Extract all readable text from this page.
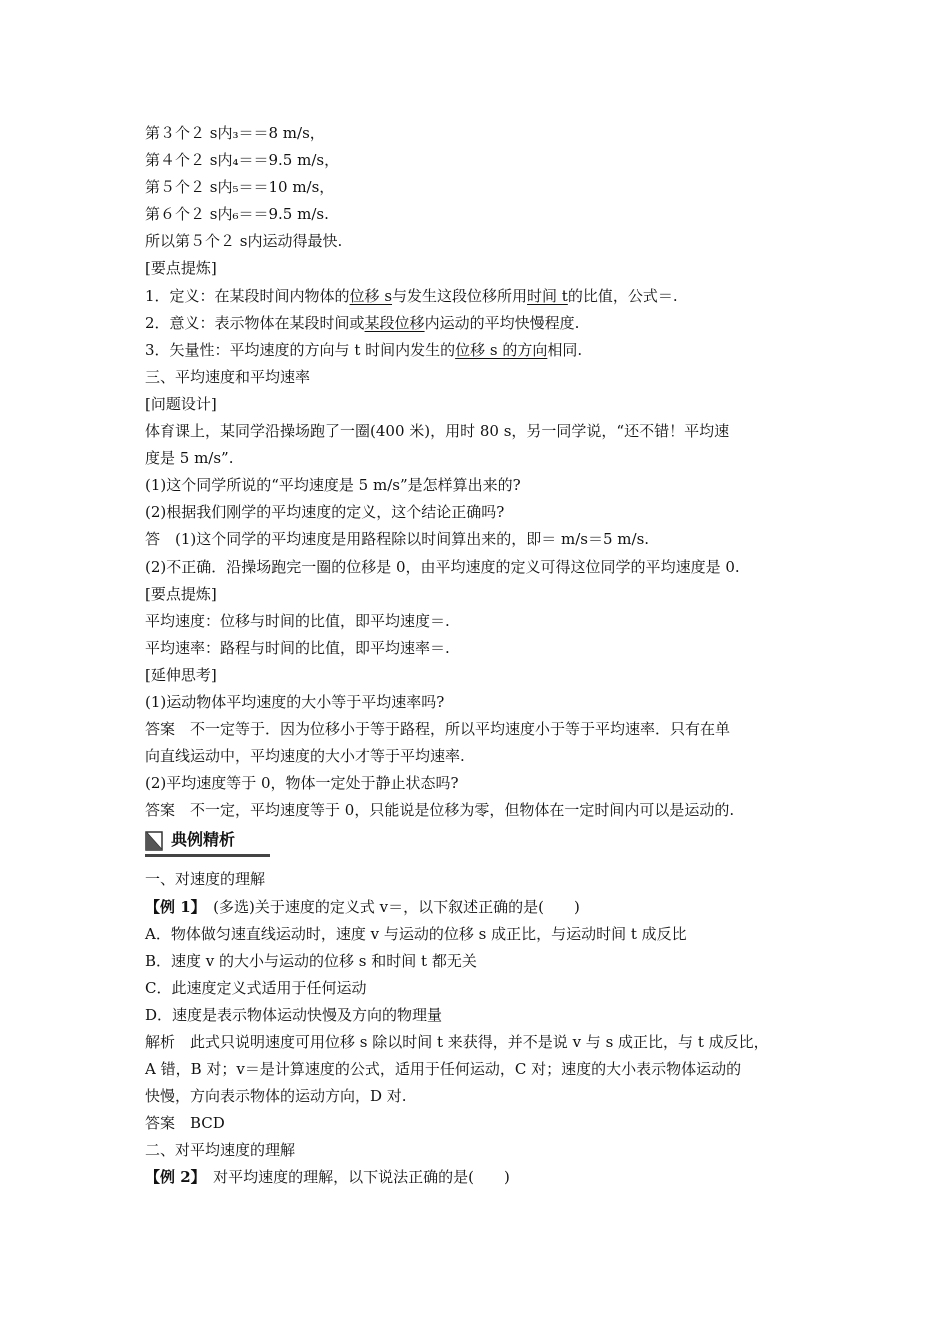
第３个２ s内₃＝＝8 m/s，
第４个２ s内₄＝＝9.5 m/s，
第５个２ s内₅＝＝10 m/s，
第６个２ s内₆＝＝9.5 m/s.
所以第５个２ s内运动得最快.
[要点提炼]
1．定义：在某段时间内物体的位移 s与发生这段位移所用时间 t的比值，公式＝.
2．意义：表示物体在某段时间或某段位移内运动的平均快慢程度.
3．矢量性：平均速度的方向与 t 时间内发生的位移 s 的方向相同.
三、平均速度和平均速率
[问题设计]
体育课上，某同学沿操场跑了一圈(400 米)，用时 80 s，另一同学说，“还不错！平均速
度是 5 m/s”.
(1)这个同学所说的“平均速度是 5 m/s”是怎样算出来的?
(2)根据我们刚学的平均速度的定义，这个结论正确吗?
答　(1)这个同学的平均速度是用路程除以时间算出来的，即＝ m/s＝5 m/s.
(2)不正确．沿操场跑完一圈的位移是 0，由平均速度的定义可得这位同学的平均速度是 0.
[要点提炼]
平均速度：位移与时间的比值，即平均速度＝.
平均速率：路程与时间的比值，即平均速率＝.
[延伸思考]
(1)运动物体平均速度的大小等于平均速率吗?
答案　不一定等于．因为位移小于等于路程，所以平均速度小于等于平均速率．只有在单
向直线运动中，平均速度的大小才等于平均速率.
(2)平均速度等于 0，物体一定处于静止状态吗?
答案　不一定，平均速度等于 0，只能说是位移为零，但物体在一定时间内可以是运动的.
典例精析
一、对速度的理解
【例 1】　(多选)关于速度的定义式 v＝，以下叙述正确的是(　　)
A．物体做匀速直线运动时，速度 v 与运动的位移 s 成正比，与运动时间 t 成反比
B．速度 v 的大小与运动的位移 s 和时间 t 都无关
C．此速度定义式适用于任何运动
D．速度是表示物体运动快慢及方向的物理量
解析　此式只说明速度可用位移 s 除以时间 t 来获得，并不是说 v 与 s 成正比，与 t 成反比，
A 错，B 对；v＝是计算速度的公式，适用于任何运动，C 对；速度的大小表示物体运动的
快慢，方向表示物体的运动方向，D 对.
答案　BCD
二、对平均速度的理解
【例 2】　对平均速度的理解，以下说法正确的是(　　)
